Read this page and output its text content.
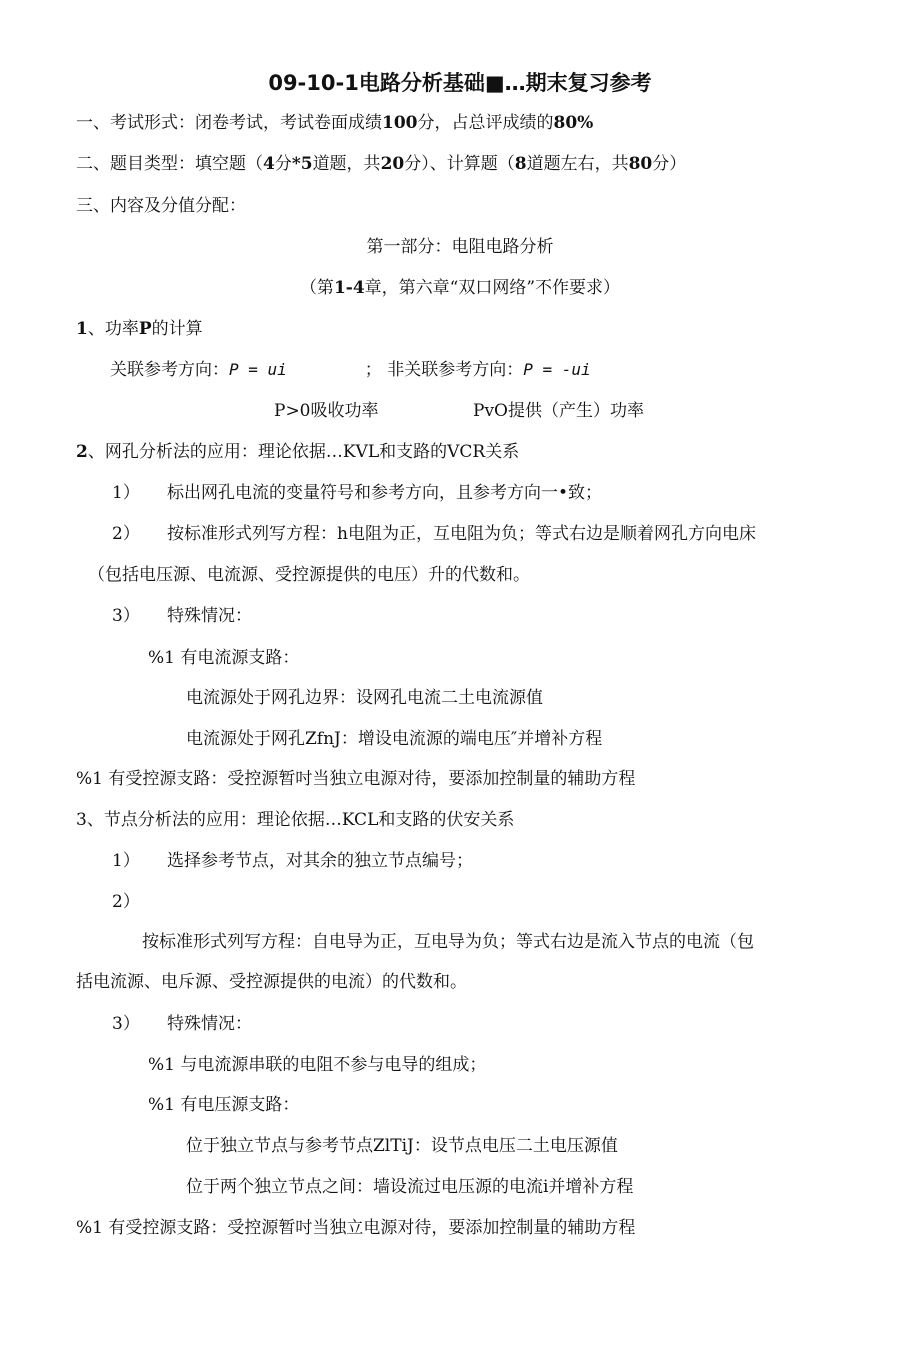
09-10-1电路分析基础■…期末复习参考
一、考试形式：闭卷考试，考试卷面成绩100分，占总评成绩的80%
二、题目类型：填空题（4分*5道题，共20分）、计算题（8道题左右，共80分）
三、内容及分值分配：
第一部分：电阻电路分析
（第1-4章，第六章“双口网络”不作要求）
1、功率P的计算
关联参考方向：P = ui	； 非关联参考方向：P = -ui
P>0吸收功率	PvO提供（产生）功率
2、网孔分析法的应用：理论依据…KVL和支路的VCR关系
1） 标出网孔电流的变量符号和参考方向，且参考方向一•致；
2） 按标准形式列写方程：h电阻为正，互电阻为负；等式右边是顺着网孔方向电床
（包括电压源、电流源、受控源提供的电压）升的代数和。
3） 特殊情况：
%1 有电流源支路：
电流源处于网孔边界：设网孔电流二土电流源值
电流源处于网孔ZfnJ：增设电流源的端电压″并增补方程
%1 有受控源支路：受控源暂吋当独立电源对待，要添加控制量的辅助方程
3、节点分析法的应用：理论依据…KCL和支路的伏安关系
1） 选择参考节点，对其余的独立节点编号；
2）
按标准形式列写方程：自电导为正，互电导为负；等式右边是流入节点的电流（包
括电流源、电斥源、受控源提供的电流）的代数和。
3） 特殊情况：
%1 与电流源串联的电阻不参与电导的组成；
%1 有电压源支路：
位于独立节点与参考节点ZlTiJ：设节点电压二土电压源值
位于两个独立节点之间：墙设流过电压源的电流i并增补方程
%1 有受控源支路：受控源暂吋当独立电源对待，要添加控制量的辅助方程
